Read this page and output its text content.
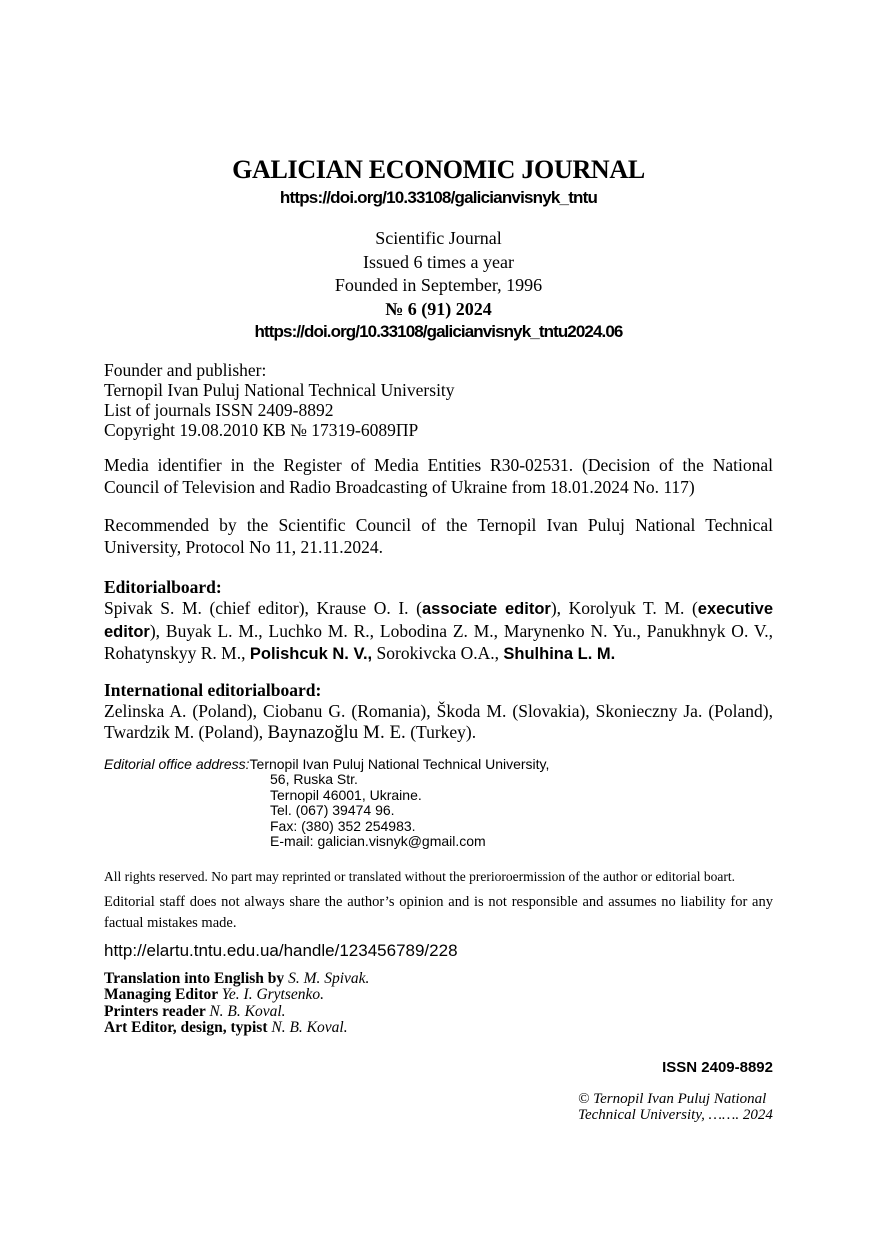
GALICIAN ECONOMIC JOURNAL
https://doi.org/10.33108/galicianvisnyk_tntu
Scientific Journal
Issued 6 times a year
Founded in September, 1996
№ 6 (91) 2024
https://doi.org/10.33108/galicianvisnyk_tntu2024.06
Founder and publisher:
Ternopil Ivan Puluj National Technical University
List of journals ISSN 2409-8892
Copyright 19.08.2010 КВ № 17319-6089ПР
Media identifier in the Register of Media Entities R30-02531. (Decision of the National Council of Television and Radio Broadcasting of Ukraine from 18.01.2024 No. 117)
Recommended by the Scientific Council of the Ternopil Ivan Puluj National Technical University, Protocol No 11, 21.11.2024.
Editorialboard:
Spivak S. M. (chief editor), Krause O. I. (associate editor), Korolyuk T. M. (executive editor), Buyak L. M., Luchko M. R., Lobodina Z. M., Marynenko N. Yu., Panukhnyk O. V., Rohatynskyy R. M., Polishcuk N. V., Sorokivcka O.A., Shulhina L. M.
International editorialboard:
Zelinska A. (Poland), Ciobanu G. (Romania), Škoda M. (Slovakia), Skonieczny Ja. (Poland), Twardzik M. (Poland), Baynazoğlu M. E. (Turkey).
Editorial office address:Ternopil Ivan Puluj National Technical University,
56, Ruska Str.
Ternopil 46001, Ukraine.
Tel. (067) 39474 96.
Fax: (380) 352 254983.
E-mail: galician.visnyk@gmail.com
All rights reserved. No part may reprinted or translated without the prerioroermission of the author or editorial boart.
Editorial staff does not always share the author’s opinion and is not responsible and assumes no liability for any factual mistakes made.
http://elartu.tntu.edu.ua/handle/123456789/228
Translation into English by S. M. Spivak.
Managing Editor Ye. I. Grytsenko.
Printers reader N. B. Koval.
Art Editor, design, typist N. B. Koval.
ISSN 2409-8892
© Ternopil Ivan Puluj National
Technical University, ……. 2024
